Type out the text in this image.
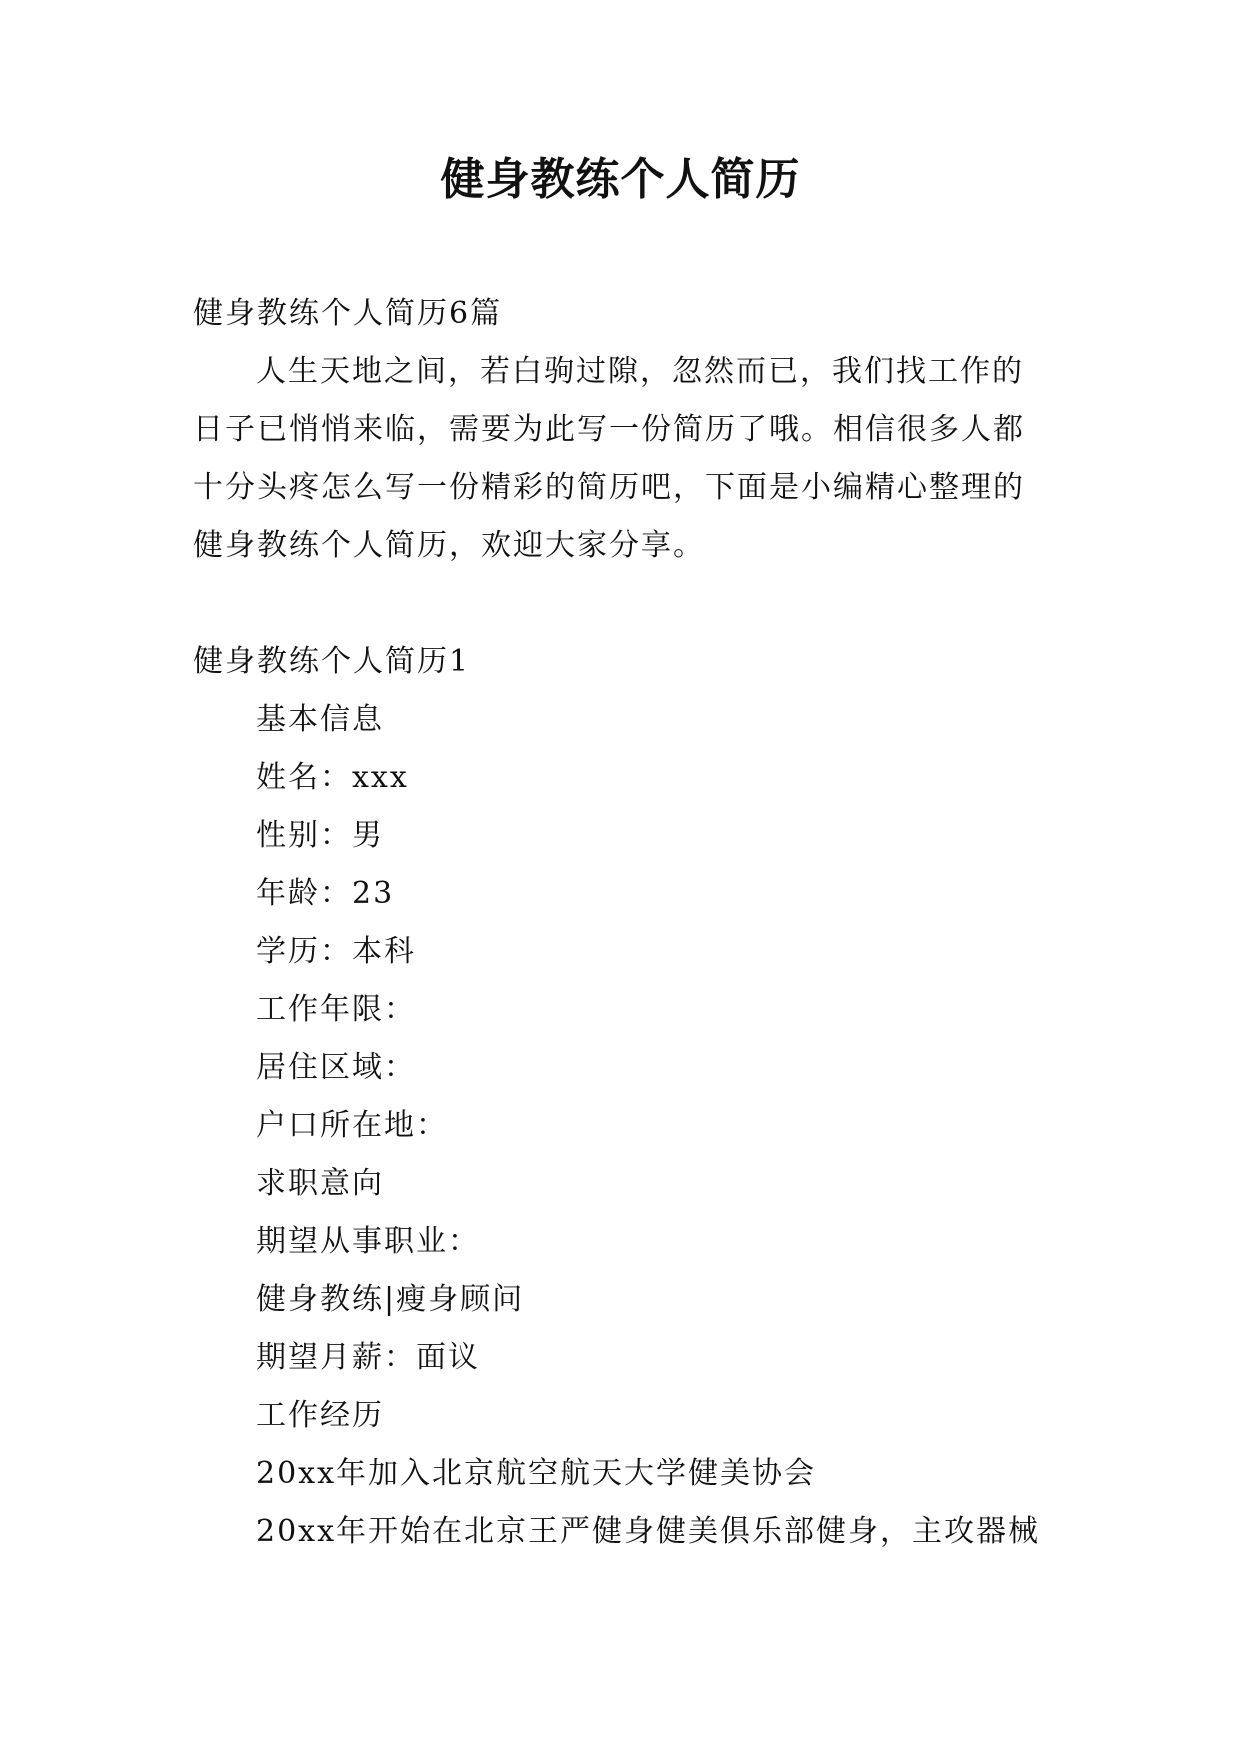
健身教练个人简历
健身教练个人简历6篇
人生天地之间，若白驹过隙，忽然而已，我们找工作的
日子已悄悄来临，需要为此写一份简历了哦。相信很多人都
十分头疼怎么写一份精彩的简历吧，下面是小编精心整理的
健身教练个人简历，欢迎大家分享。
健身教练个人简历1
基本信息
姓名：xxx
性别：男
年龄：23
学历：本科
工作年限：
居住区域：
户口所在地：
求职意向
期望从事职业：
健身教练|瘦身顾问
期望月薪：面议
工作经历
20xx年加入北京航空航天大学健美协会
20xx年开始在北京王严健身健美俱乐部健身，主攻器械
